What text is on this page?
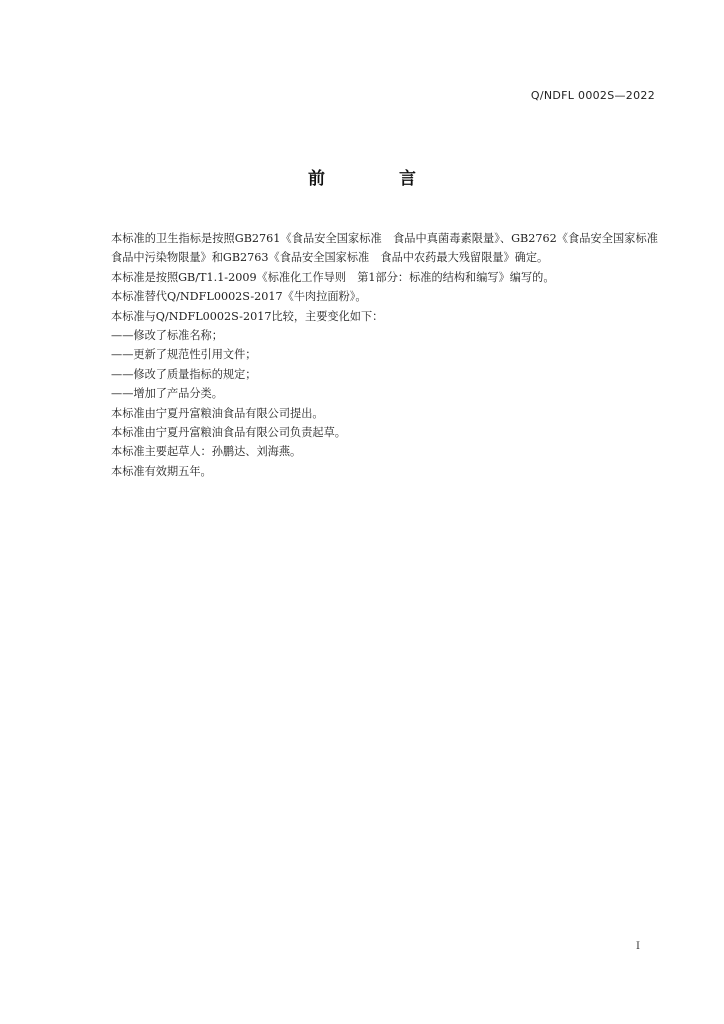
Q/NDFL 0002S—2022
前 言

本标准的卫生指标是按照GB2761《食品安全国家标准　食品中真菌毒素限量》、GB2762《食品安全国家标准　食品中污染物限量》和GB2763《食品安全国家标准　食品中农药最大残留限量》确定。

本标准是按照GB/T1.1-2009《标准化工作导则　第1部分：标准的结构和编写》编写的。

本标准替代Q/NDFL0002S-2017《牛肉拉面粉》。

本标准与Q/NDFL0002S-2017比较，主要变化如下：

——修改了标准名称；

——更新了规范性引用文件；

——修改了质量指标的规定；

——增加了产品分类。

本标准由宁夏丹富粮油食品有限公司提出。

本标准由宁夏丹富粮油食品有限公司负责起草。

本标准主要起草人：孙鹏达、刘海燕。

本标准有效期五年。

I
